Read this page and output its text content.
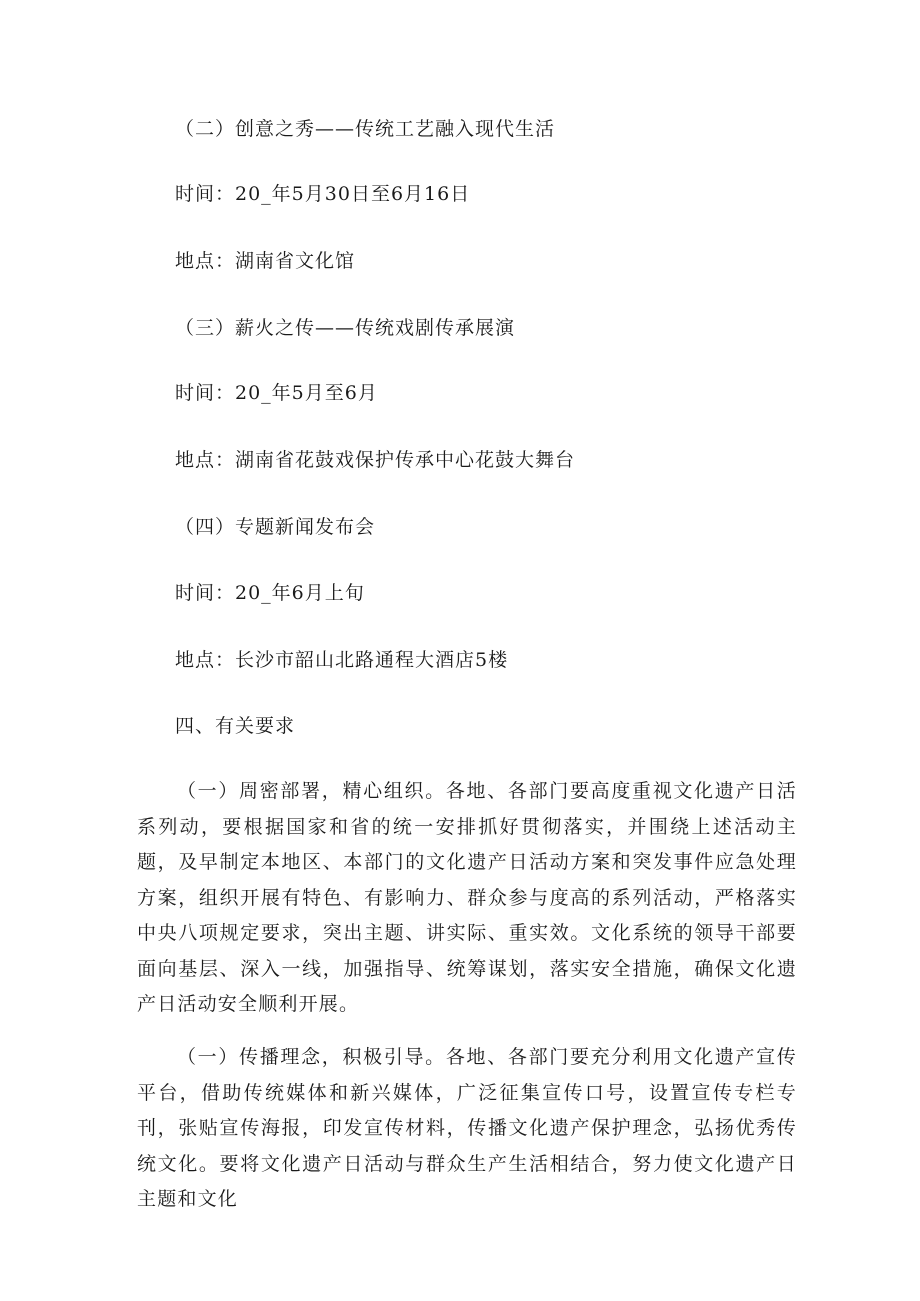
（二）创意之秀——传统工艺融入现代生活
时间：20_年5月30日至6月16日
地点：湖南省文化馆
（三）薪火之传——传统戏剧传承展演
时间：20_年5月至6月
地点：湖南省花鼓戏保护传承中心花鼓大舞台
（四）专题新闻发布会
时间：20_年6月上旬
地点：长沙市韶山北路通程大酒店5楼
四、有关要求
（一）周密部署，精心组织。各地、各部门要高度重视文化遗产日活系列动，要根据国家和省的统一安排抓好贯彻落实，并围绕上述活动主题，及早制定本地区、本部门的文化遗产日活动方案和突发事件应急处理方案，组织开展有特色、有影响力、群众参与度高的系列活动，严格落实中央八项规定要求，突出主题、讲实际、重实效。文化系统的领导干部要面向基层、深入一线，加强指导、统筹谋划，落实安全措施，确保文化遗产日活动安全顺利开展。
（一）传播理念，积极引导。各地、各部门要充分利用文化遗产宣传平台，借助传统媒体和新兴媒体，广泛征集宣传口号，设置宣传专栏专刊，张贴宣传海报，印发宣传材料，传播文化遗产保护理念，弘扬优秀传统文化。要将文化遗产日活动与群众生产生活相结合，努力使文化遗产日主题和文化
